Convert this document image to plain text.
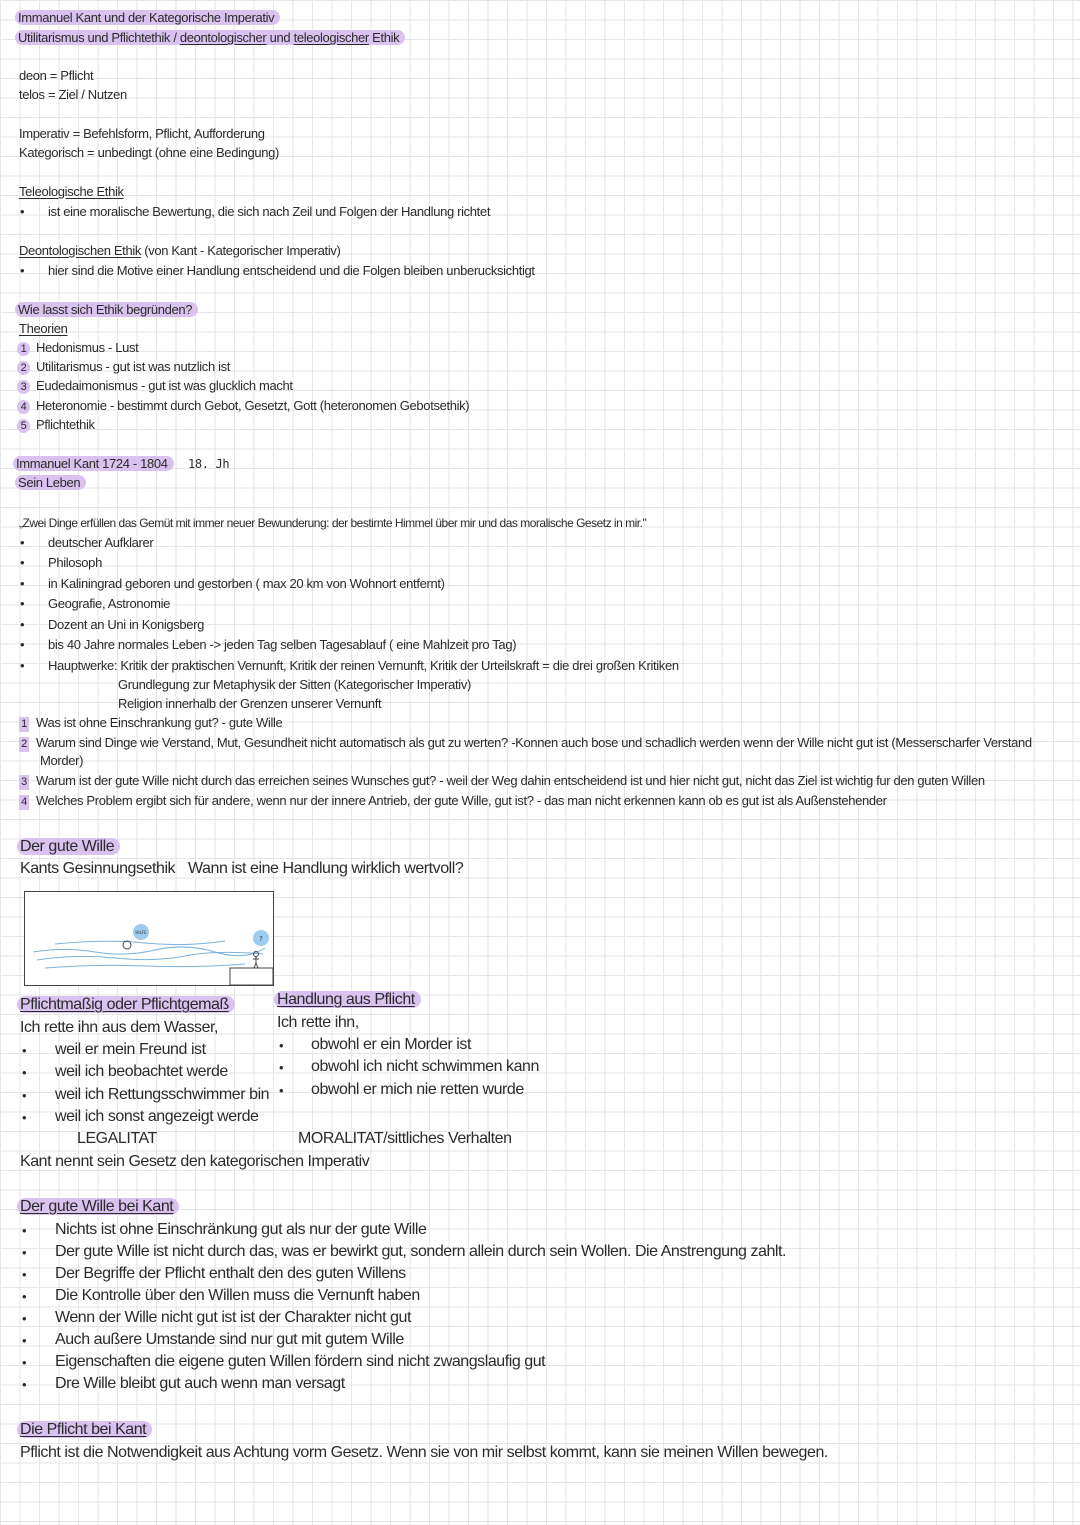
Immanuel Kant und der Kategorische Imperativ
Utilitarismus und Pflichtethik / deontologischer und teleologischer Ethik
deon = Pflicht
telos = Ziel / Nutzen
Imperativ = Befehlsform, Pflicht, Aufforderung
Kategorisch = unbedingt (ohne eine Bedingung)
Teleologische Ethik
• ist eine moralische Bewertung, die sich nach Zeil und Folgen der Handlung richtet
Deontologischen Ethik (von Kant - Kategorischer Imperativ)
• hier sind die Motive einer Handlung entscheidend und die Folgen bleiben unberucksichtigt
Wie lasst sich Ethik begründen?
Theorien
1 Hedonismus - Lust
2 Utilitarismus - gut ist was nutzlich ist
3 Eudedaimonismus - gut ist was glucklich macht
4 Heteronomie - bestimmt durch Gebot, Gesetzt, Gott (heteronomen Gebotsethik)
5 Pflichtethik
Immanuel Kant 1724 - 1804	18. Jh
Sein Leben
„Zwei Dinge erfüllen das Gemüt mit immer neuer Bewunderung: der bestirnte Himmel über mir und das moralische Gesetz in mir."
• deutscher Aufklarer
• Philosoph
• in Kaliningrad geboren und gestorben ( max 20 km von Wohnort entfernt)
• Geografie, Astronomie
• Dozent an Uni in Konigsberg
• bis 40 Jahre normales Leben -> jeden Tag selben Tagesablauf ( eine Mahlzeit pro Tag)
• Hauptwerke: Kritik der praktischen Vernunft, Kritik der reinen Vernunft, Kritik der Urteilskraft = die drei großen Kritiken
Grundlegung zur Metaphysik der Sitten (Kategorischer Imperativ)
Religion innerhalb der Grenzen unserer Vernunft
1 Was ist ohne Einschrankung gut? - gute Wille
2 Warum sind Dinge wie Verstand, Mut, Gesundheit nicht automatisch als gut zu werten? -Konnen auch bose und schadlich werden wenn der Wille nicht gut ist (Messerscharfer Verstand
Morder)
3 Warum ist der gute Wille nicht durch das erreichen seines Wunsches gut? - weil der Weg dahin entscheidend ist und hier nicht gut, nicht das Ziel ist wichtig fur den guten Willen
4 Welches Problem ergibt sich für andere, wenn nur der innere Antrieb, der gute Wille, gut ist? - das man nicht erkennen kann ob es gut ist als Außenstehender
Der gute Wille
Kants Gesinnungsethik Wann ist eine Handlung wirklich wertvoll?
HILFE
?
Pflichtmaßig oder Pflichtgemaß
Ich rette ihn aus dem Wasser,
• weil er mein Freund ist
• weil ich beobachtet werde
• weil ich Rettungsschwimmer bin
• weil ich sonst angezeigt werde
LEGALITAT
Handlung aus Pflicht
Ich rette ihn,
• obwohl er ein Morder ist
• obwohl ich nicht schwimmen kann
• obwohl er mich nie retten wurde
MORALITAT/sittliches Verhalten
Kant nennt sein Gesetz den kategorischen Imperativ
Der gute Wille bei Kant
• Nichts ist ohne Einschränkung gut als nur der gute Wille
• Der gute Wille ist nicht durch das, was er bewirkt gut, sondern allein durch sein Wollen. Die Anstrengung zahlt.
• Der Begriffe der Pflicht enthalt den des guten Willens
• Die Kontrolle über den Willen muss die Vernunft haben
• Wenn der Wille nicht gut ist ist der Charakter nicht gut
• Auch außere Umstande sind nur gut mit gutem Wille
• Eigenschaften die eigene guten Willen fördern sind nicht zwangslaufig gut
• Dre Wille bleibt gut auch wenn man versagt
Die Pflicht bei Kant
Pflicht ist die Notwendigkeit aus Achtung vorm Gesetz. Wenn sie von mir selbst kommt, kann sie meinen Willen bewegen.
